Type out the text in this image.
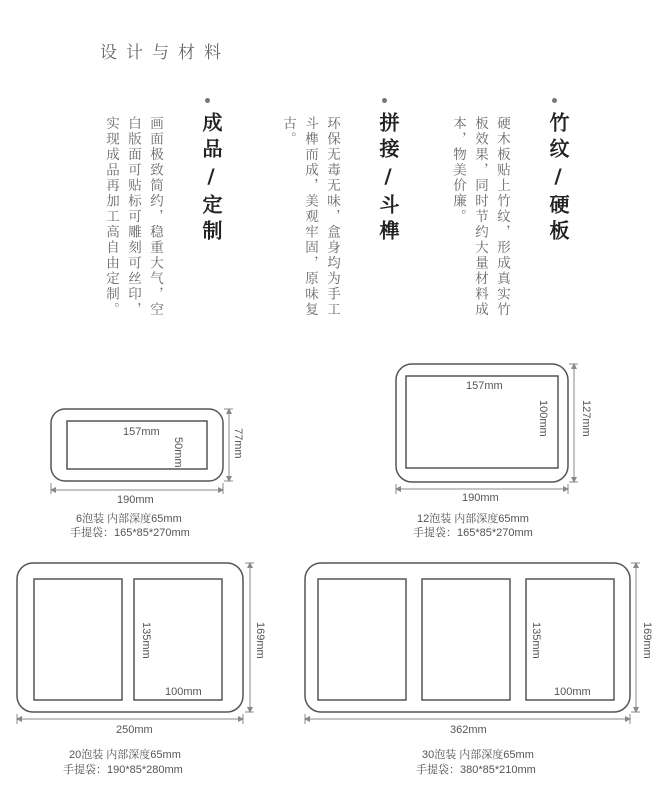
设计与材料
竹纹/硬板
硬木板贴上竹纹，形成真实竹板效果，同时节约大量材料成本，物美价廉。
拼接/斗榫
环保无毒无味，盒身均为手工斗榫而成，美观牢固，原味复古。
成品/定制
画面极致简约，稳重大气，空白版面可贴标可雕刻可丝印，实现成品再加工高自由定制。
157mm
50mm
190mm
77mm
6泡装 内部深度65mm
手提袋：165*85*270mm
157mm
100mm
190mm
127mm
12泡装 内部深度65mm
手提袋：165*85*270mm
100mm
135mm
250mm
169mm
20泡装 内部深度65mm
手提袋：190*85*280mm
100mm
135mm
362mm
169mm
30泡装 内部深度65mm
手提袋：380*85*210mm
